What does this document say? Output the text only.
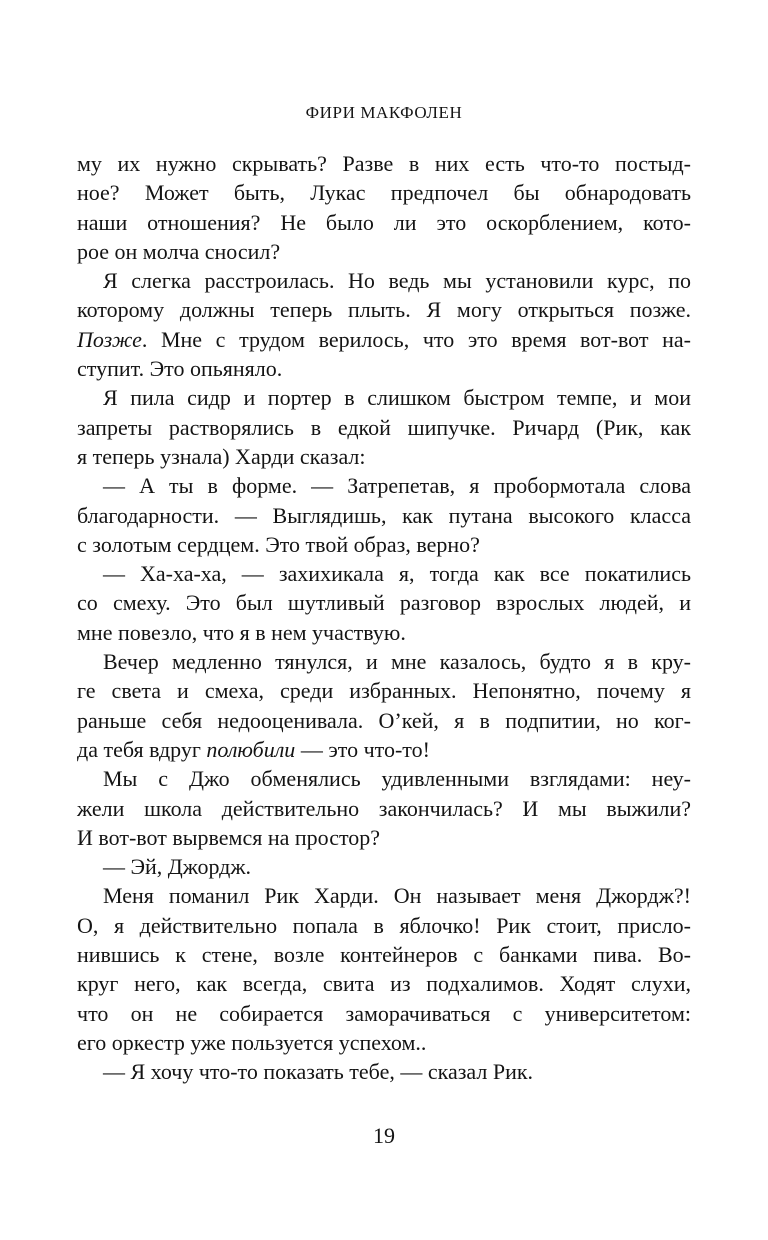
ФИРИ МАКФОЛЕН
му их нужно скрывать? Разве в них есть что-то постыд-
ное? Может быть, Лукас предпочел бы обнародовать
наши отношения? Не было ли это оскорблением, кото-
рое он молча сносил?
Я слегка расстроилась. Но ведь мы установили курс, по
которому должны теперь плыть. Я могу открыться позже.
Позже. Мне с трудом верилось, что это время вот-вот на-
ступит. Это опьяняло.
Я пила сидр и портер в слишком быстром темпе, и мои
запреты растворялись в едкой шипучке. Ричард (Рик, как
я теперь узнала) Харди сказал:
— А ты в форме. — Затрепетав, я пробормотала слова
благодарности. — Выглядишь, как путана высокого класса
с золотым сердцем. Это твой образ, верно?
— Ха-ха-ха, — захихикала я, тогда как все покатились
со смеху. Это был шутливый разговор взрослых людей, и
мне повезло, что я в нем участвую.
Вечер медленно тянулся, и мне казалось, будто я в кру-
ге света и смеха, среди избранных. Непонятно, почему я
раньше себя недооценивала. О’кей, я в подпитии, но ког-
да тебя вдруг полюбили — это что-то!
Мы с Джо обменялись удивленными взглядами: неу-
жели школа действительно закончилась? И мы выжили?
И вот-вот вырвемся на простор?
— Эй, Джордж.
Меня поманил Рик Харди. Он называет меня Джордж?!
О, я действительно попала в яблочко! Рик стоит, присло-
нившись к стене, возле контейнеров с банками пива. Во-
круг него, как всегда, свита из подхалимов. Ходят слухи,
что он не собирается заморачиваться с университетом:
его оркестр уже пользуется успехом..
— Я хочу что-то показать тебе, — сказал Рик.
19
